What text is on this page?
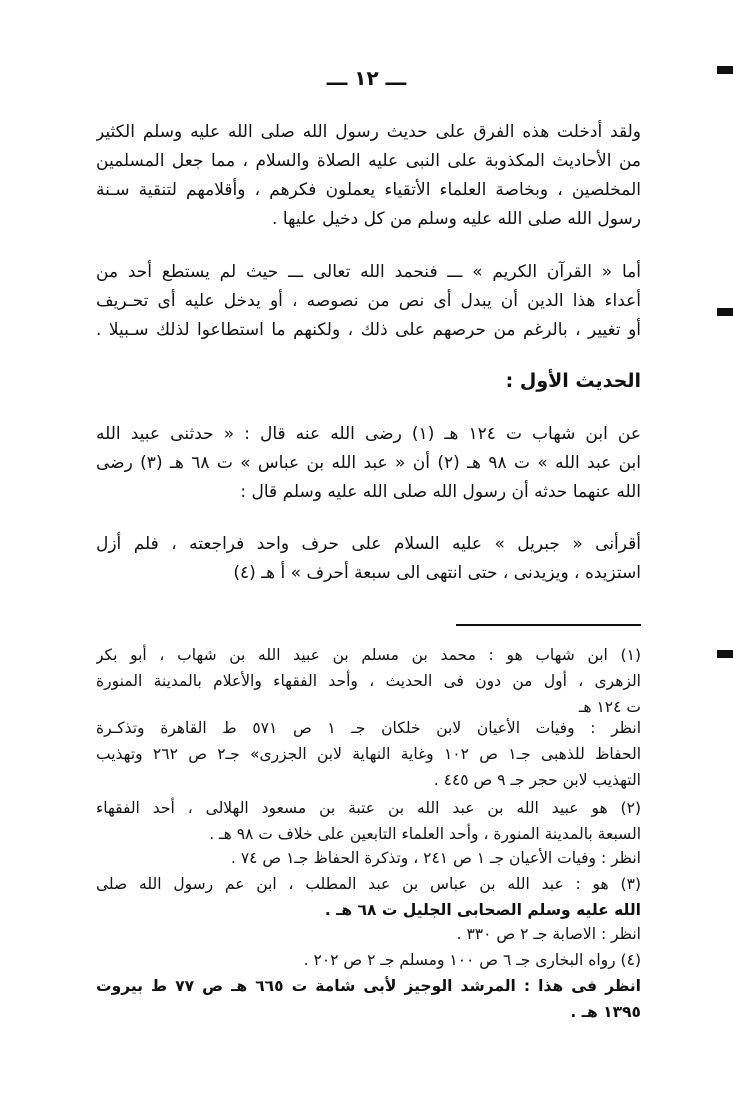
ـــ ١٢ ـــ
ولقد أدخلت هذه الفرق على حديث رسول الله صلى الله عليه وسلم الكثير
من الأحاديث المكذوبة على النبى عليه الصلاة والسلام ، مما جعل المسلمين
المخلصين ، وبخاصة العلماء الأتقياء يعملون فكرهم ، وأقلامهم لتنقية سـنة
رسول الله صلى الله عليه وسلم من كل دخيل عليها .
أما « القرآن الكريم » ـــ فنحمد الله تعالى ـــ حيث لم يستطع أحد من
أعداء هذا الدين أن يبدل أى نص من نصوصه ، أو يدخل عليه أى تحـريف
أو تغيير ، بالرغم من حرصهم على ذلك ، ولكنهم ما استطاعوا لذلك سـبيلا .
الحديث الأول :
عن ابن شهاب ت ١٢٤ هـ (١) رضى الله عنه قال : « حدثنى عبيد الله
ابن عبد الله » ت ٩٨ هـ (٢) أن « عبد الله بن عباس » ت ٦٨ هـ (٣) رضى
الله عنهما حدثه أن رسول الله صلى الله عليه وسلم قال :
أقرأنى « جبريل » عليه السلام على حرف واحد فراجعته ، فلم أزل
استزيده ، ويزيدنى ، حتى انتهى الى سبعة أحرف » أ هـ (٤)
(١) ابن شهاب هو : محمد بن مسلم بن عبيد الله بن شهاب ، أبو بكر
الزهرى ، أول من دون فى الحديث ، وأحد الفقهاء والأعلام بالمدينة المنورة
ت ١٢٤ هـ
انظر : وفيات الأعيان لابن خلكان جـ ١ ص ٥٧١ ط القاهرة وتذكـرة
الحفاظ للذهبى جـ١ ص ١٠٢ وغاية النهاية لابن الجزرى» جـ٢ ص ٢٦٢ وتهذيب
التهذيب لابن حجر جـ ٩ ص ٤٤٥ .
(٢) هو عبيد الله بن عبد الله بن عتبة بن مسعود الهلالى ، أحد الفقهاء
السبعة بالمدينة المنورة ، وأحد العلماء التابعين على خلاف ت ٩٨ هـ .
انظر : وفيات الأعيان جـ ١ ص ٢٤١ ، وتذكرة الحفاظ جـ١ ص ٧٤ .
(٣) هو : عبد الله بن عباس بن عبد المطلب ، ابن عم رسول الله صلى
الله عليه وسلم الصحابى الجليل ت ٦٨ هـ .
انظر : الاصابة جـ ٢ ص ٣٣٠ .
(٤) رواه البخارى جـ ٦ ص ١٠٠ ومسلم جـ ٢ ص ٢٠٢ .
انظر فى هذا : المرشد الوجيز لأبى شامة ت ٦٦٥ هـ ص ٧٧ ط بيروت
١٣٩٥ هـ .
